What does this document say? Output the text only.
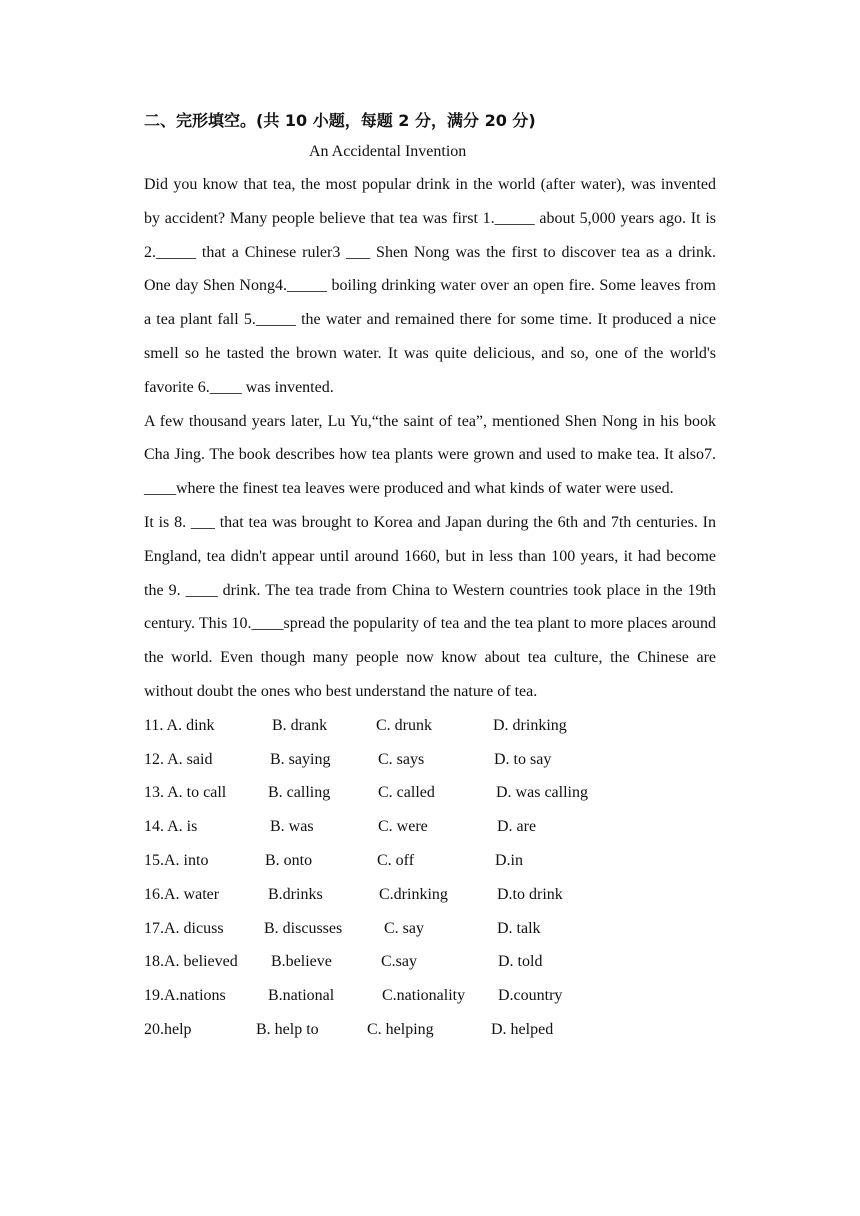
二、完形填空。(共 10 小题，每题 2 分，满分 20 分)

An Accidental Invention

Did you know that tea, the most popular drink in the world (after water), was invented by accident? Many people believe that tea was first 1._____ about 5,000 years ago. It is 2._____ that a Chinese ruler3 ___ Shen Nong was the first to discover tea as a drink. One day Shen Nong4._____ boiling drinking water over an open fire. Some leaves from a tea plant fall 5._____ the water and remained there for some time. It produced a nice smell so he tasted the brown water. It was quite delicious, and so, one of the world's favorite 6.____ was invented.

A few thousand years later, Lu Yu,“the saint of tea”, mentioned Shen Nong in his book Cha Jing. The book describes how tea plants were grown and used to make tea. It also7. ____where the finest tea leaves were produced and what kinds of water were used.

It is 8. ___ that tea was brought to Korea and Japan during the 6th and 7th centuries. In England, tea didn't appear until around 1660, but in less than 100 years, it had become the 9. ____ drink. The tea trade from China to Western countries took place in the 19th century. This 10.____spread the popularity of tea and the tea plant to more places around the world. Even though many people now know about tea culture, the Chinese are without doubt the ones who best understand the nature of tea.

11. A. dink	B. drank	C. drunk	D. drinking
12. A. said	B. saying	C. says	D. to say
13. A. to call	B. calling	C. called	D. was calling
14. A. is	B. was	C. were	D. are
15.A. into	B. onto	C. off	D.in
16.A. water	B.drinks	C.drinking	D.to drink
17.A. dicuss	B. discusses	C. say	D. talk
18.A. believed B.believe	C.say	D. told
19.A.nations	B.national	C.nationality D.country
20.help	B. help to	C. helping	D. helped
